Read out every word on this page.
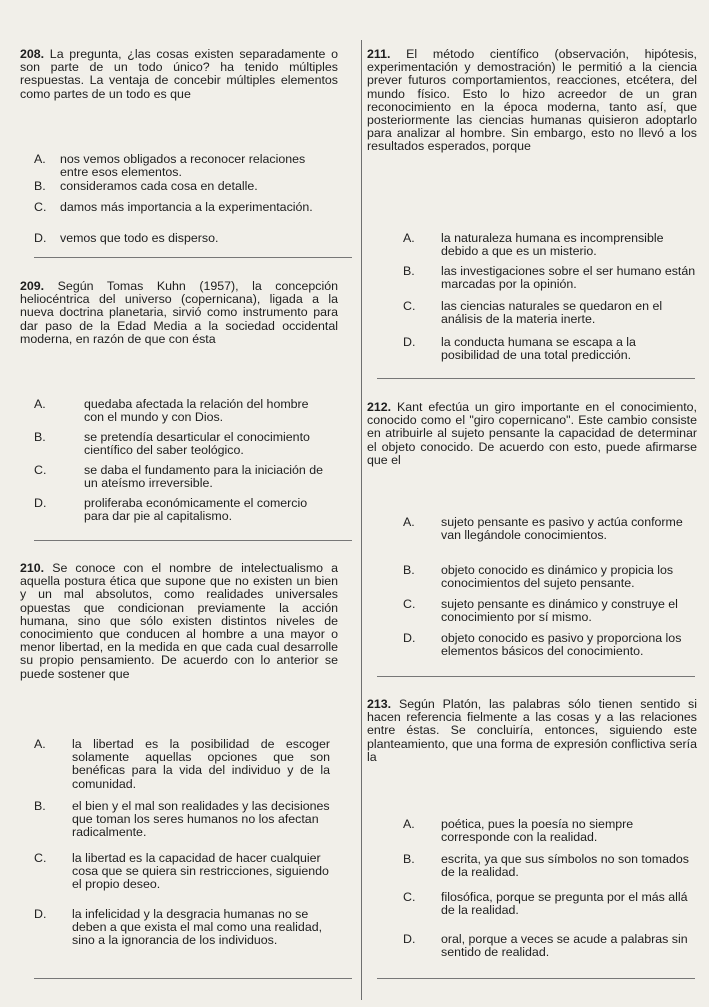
208. La pregunta, ¿las cosas existen separadamente o son parte de un todo único? ha tenido múltiples respuestas. La ventaja de concebir múltiples elementos como partes de un todo es que
A. nos vemos obligados a reconocer relaciones entre esos elementos.
B. consideramos cada cosa en detalle.
C. damos más importancia a la experimentación.
D. vemos que todo es disperso.
209. Según Tomas Kuhn (1957), la concepción heliocéntrica del universo (copernicana), ligada a la nueva doctrina planetaria, sirvió como instrumento para dar paso de la Edad Media a la sociedad occidental moderna, en razón de que con ésta
A.	quedaba afectada la relación del hombre con el mundo y con Dios.
B.	se pretendía desarticular el conocimiento científico del saber teológico.
C.	se daba el fundamento para la iniciación de un ateísmo irreversible.
D.	proliferaba económicamente el comercio para dar pie al capitalismo.
210. Se conoce con el nombre de intelectualismo a aquella postura ética que supone que no existen un bien y un mal absolutos, como realidades universales opuestas que condicionan previamente la acción humana, sino que sólo existen distintos niveles de conocimiento que conducen al hombre a una mayor o menor libertad, en la medida en que cada cual desarrolle su propio pensamiento. De acuerdo con lo anterior se puede sostener que
A. la libertad es la posibilidad de escoger solamente aquellas opciones que son benéficas para la vida del individuo y de la comunidad.
B. el bien y el mal son realidades y las decisiones que toman los seres humanos no los afectan radicalmente.
C. la libertad es la capacidad de hacer cualquier cosa que se quiera sin restricciones, siguiendo el propio deseo.
D. la infelicidad y la desgracia humanas no se deben a que exista el mal como una realidad, sino a la ignorancia de los individuos.
211. El método científico (observación, hipótesis, experimentación y demostración) le permitió a la ciencia prever futuros comportamientos, reacciones, etcétera, del mundo físico. Esto lo hizo acreedor de un gran reconocimiento en la época moderna, tanto así, que posteriormente las ciencias humanas quisieron adoptarlo para analizar al hombre. Sin embargo, esto no llevó a los resultados esperados, porque
A. la naturaleza humana es incomprensible debido a que es un misterio.
B. las investigaciones sobre el ser humano están marcadas por la opinión.
C. las ciencias naturales se quedaron en el análisis de la materia inerte.
D. la conducta humana se escapa a la posibilidad de una total predicción.
212. Kant efectúa un giro importante en el conocimiento, conocido como el "giro copernicano". Este cambio consiste en atribuirle al sujeto pensante la capacidad de determinar el objeto conocido. De acuerdo con esto, puede afirmarse que el
A. sujeto pensante es pasivo y actúa conforme van llegándole conocimientos.
B. objeto conocido es dinámico y propicia los conocimientos del sujeto pensante.
C. sujeto pensante es dinámico y construye el conocimiento por sí mismo.
D. objeto conocido es pasivo y proporciona los elementos básicos del conocimiento.
213. Según Platón, las palabras sólo tienen sentido si hacen referencia fielmente a las cosas y a las relaciones entre éstas. Se concluiría, entonces, siguiendo este planteamiento, que una forma de expresión conflictiva sería la
A. poética, pues la poesía no siempre corresponde con la realidad.
B. escrita, ya que sus símbolos no son tomados de la realidad.
C. filosófica, porque se pregunta por el más allá de la realidad.
D. oral, porque a veces se acude a palabras sin sentido de realidad.
